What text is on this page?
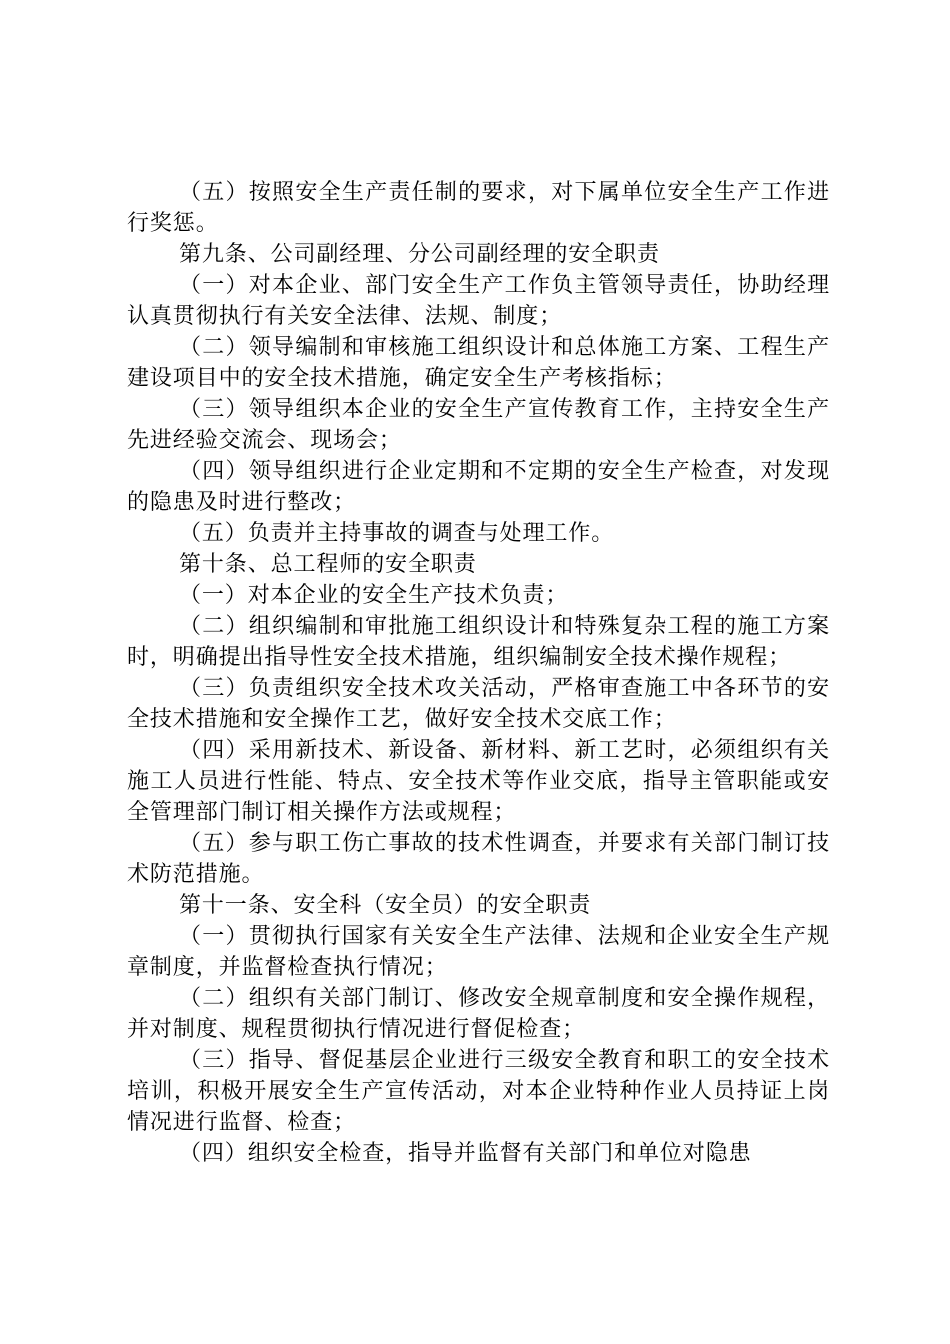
（五）按照安全生产责任制的要求，对下属单位安全生产工作进行奖惩。

第九条、公司副经理、分公司副经理的安全职责

（一）对本企业、部门安全生产工作负主管领导责任，协助经理认真贯彻执行有关安全法律、法规、制度；

（二）领导编制和审核施工组织设计和总体施工方案、工程生产建设项目中的安全技术措施，确定安全生产考核指标；

（三）领导组织本企业的安全生产宣传教育工作，主持安全生产先进经验交流会、现场会；

（四）领导组织进行企业定期和不定期的安全生产检查，对发现的隐患及时进行整改；

（五）负责并主持事故的调查与处理工作。

第十条、总工程师的安全职责

（一）对本企业的安全生产技术负责；

（二）组织编制和审批施工组织设计和特殊复杂工程的施工方案时，明确提出指导性安全技术措施，组织编制安全技术操作规程；

（三）负责组织安全技术攻关活动，严格审查施工中各环节的安全技术措施和安全操作工艺，做好安全技术交底工作；

（四）采用新技术、新设备、新材料、新工艺时，必须组织有关施工人员进行性能、特点、安全技术等作业交底，指导主管职能或安全管理部门制订相关操作方法或规程；

（五）参与职工伤亡事故的技术性调查，并要求有关部门制订技术防范措施。

第十一条、安全科（安全员）的安全职责

（一）贯彻执行国家有关安全生产法律、法规和企业安全生产规章制度，并监督检查执行情况；

（二）组织有关部门制订、修改安全规章制度和安全操作规程，并对制度、规程贯彻执行情况进行督促检查；

（三）指导、督促基层企业进行三级安全教育和职工的安全技术培训，积极开展安全生产宣传活动，对本企业特种作业人员持证上岗情况进行监督、检查；

（四）组织安全检查，指导并监督有关部门和单位对隐患
